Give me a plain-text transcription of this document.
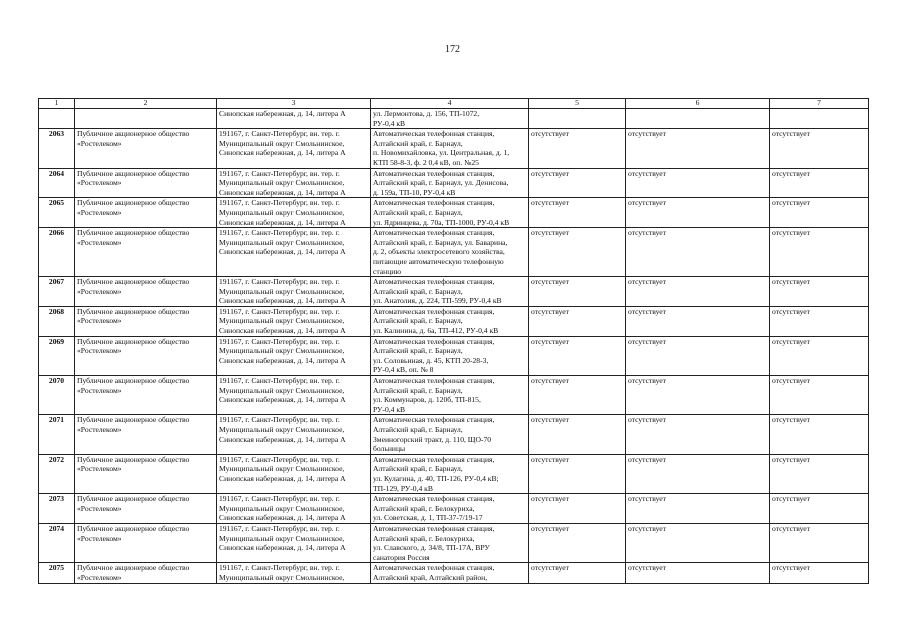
172
1	2	3	4	5	6	7
		Синопская набережная, д. 14, литера А	ул. Лермонтова, д. 156, ТП-1072,
РУ-0,4 кВ			
2063	Публичное акционерное общество
«Ростелеком»	191167, г. Санкт-Петербург, вн. тер. г.
Муниципальный округ Смольнинское,
Синопская набережная, д. 14, литера А	Автоматическая телефонная станция,
Алтайский край, г. Барнаул,
п. Новомихайловка, ул. Центральная, д. 1,
КТП 58-8-3, ф. 2 0,4 кВ, оп. №25	отсутствует	отсутствует	отсутствует
2064	Публичное акционерное общество
«Ростелеком»	191167, г. Санкт-Петербург, вн. тер. г.
Муниципальный округ Смольнинское,
Синопская набережная, д. 14, литера А	Автоматическая телефонная станция,
Алтайский край, г. Барнаул, ул. Денисова,
д. 159а, ТП-10, РУ-0,4 кВ	отсутствует	отсутствует	отсутствует
2065	Публичное акционерное общество
«Ростелеком»	191167, г. Санкт-Петербург, вн. тер. г.
Муниципальный округ Смольнинское,
Синопская набережная, д. 14, литера А	Автоматическая телефонная станция,
Алтайский край, г. Барнаул,
ул. Ядринцева, д. 70а, ТП-1000, РУ-0,4 кВ	отсутствует	отсутствует	отсутствует
2066	Публичное акционерное общество
«Ростелеком»	191167, г. Санкт-Петербург, вн. тер. г.
Муниципальный округ Смольнинское,
Синопская набережная, д. 14, литера А	Автоматическая телефонная станция,
Алтайский край, г. Барнаул, ул. Баварина,
д. 2, объекты электросетевого хозяйства,
питающие автоматическую телефонную
станцию	отсутствует	отсутствует	отсутствует
2067	Публичное акционерное общество
«Ростелеком»	191167, г. Санкт-Петербург, вн. тер. г.
Муниципальный округ Смольнинское,
Синопская набережная, д. 14, литера А	Автоматическая телефонная станция,
Алтайский край, г. Барнаул,
ул. Анатолия, д. 224, ТП-599, РУ-0,4 кВ	отсутствует	отсутствует	отсутствует
2068	Публичное акционерное общество
«Ростелеком»	191167, г. Санкт-Петербург, вн. тер. г.
Муниципальный округ Смольнинское,
Синопская набережная, д. 14, литера А	Автоматическая телефонная станция,
Алтайский край, г. Барнаул,
ул. Калинина, д. 6а, ТП-412, РУ-0,4 кВ	отсутствует	отсутствует	отсутствует
2069	Публичное акционерное общество
«Ростелеком»	191167, г. Санкт-Петербург, вн. тер. г.
Муниципальный округ Смольнинское,
Синопская набережная, д. 14, литера А	Автоматическая телефонная станция,
Алтайский край, г. Барнаул,
ул. Соловьиная, д. 45, КТП 20-28-3,
РУ-0,4 кВ, оп. № 8	отсутствует	отсутствует	отсутствует
2070	Публичное акционерное общество
«Ростелеком»	191167, г. Санкт-Петербург, вн. тер. г.
Муниципальный округ Смольнинское,
Синопская набережная, д. 14, литера А	Автоматическая телефонная станция,
Алтайский край, г. Барнаул,
ул. Коммунаров, д. 120б, ТП-815,
РУ-0,4 кВ	отсутствует	отсутствует	отсутствует
2071	Публичное акционерное общество
«Ростелеком»	191167, г. Санкт-Петербург, вн. тер. г.
Муниципальный округ Смольнинское,
Синопская набережная, д. 14, литера А	Автоматическая телефонная станция,
Алтайский край, г. Барнаул,
Змеиногорский тракт, д. 110, ЩО-70
больницы	отсутствует	отсутствует	отсутствует
2072	Публичное акционерное общество
«Ростелеком»	191167, г. Санкт-Петербург, вн. тер. г.
Муниципальный округ Смольнинское,
Синопская набережная, д. 14, литера А	Автоматическая телефонная станция,
Алтайский край, г. Барнаул,
ул. Кулагина, д. 40, ТП-126, РУ-0,4 кВ;
ТП-129, РУ-0,4 кВ	отсутствует	отсутствует	отсутствует
2073	Публичное акционерное общество
«Ростелеком»	191167, г. Санкт-Петербург, вн. тер. г.
Муниципальный округ Смольнинское,
Синопская набережная, д. 14, литера А	Автоматическая телефонная станция,
Алтайский край, г. Белокуриха,
ул. Советская, д. 1, ТП-37-7/19-17	отсутствует	отсутствует	отсутствует
2074	Публичное акционерное общество
«Ростелеком»	191167, г. Санкт-Петербург, вн. тер. г.
Муниципальный округ Смольнинское,
Синопская набережная, д. 14, литера А	Автоматическая телефонная станция,
Алтайский край, г. Белокуриха,
ул. Славского, д. 34/8, ТП-17А, ВРУ
санатория Россия	отсутствует	отсутствует	отсутствует
2075	Публичное акционерное общество
«Ростелеком»	191167, г. Санкт-Петербург, вн. тер. г.
Муниципальный округ Смольнинское,	Автоматическая телефонная станция,
Алтайский край, Алтайский район,	отсутствует	отсутствует	отсутствует
